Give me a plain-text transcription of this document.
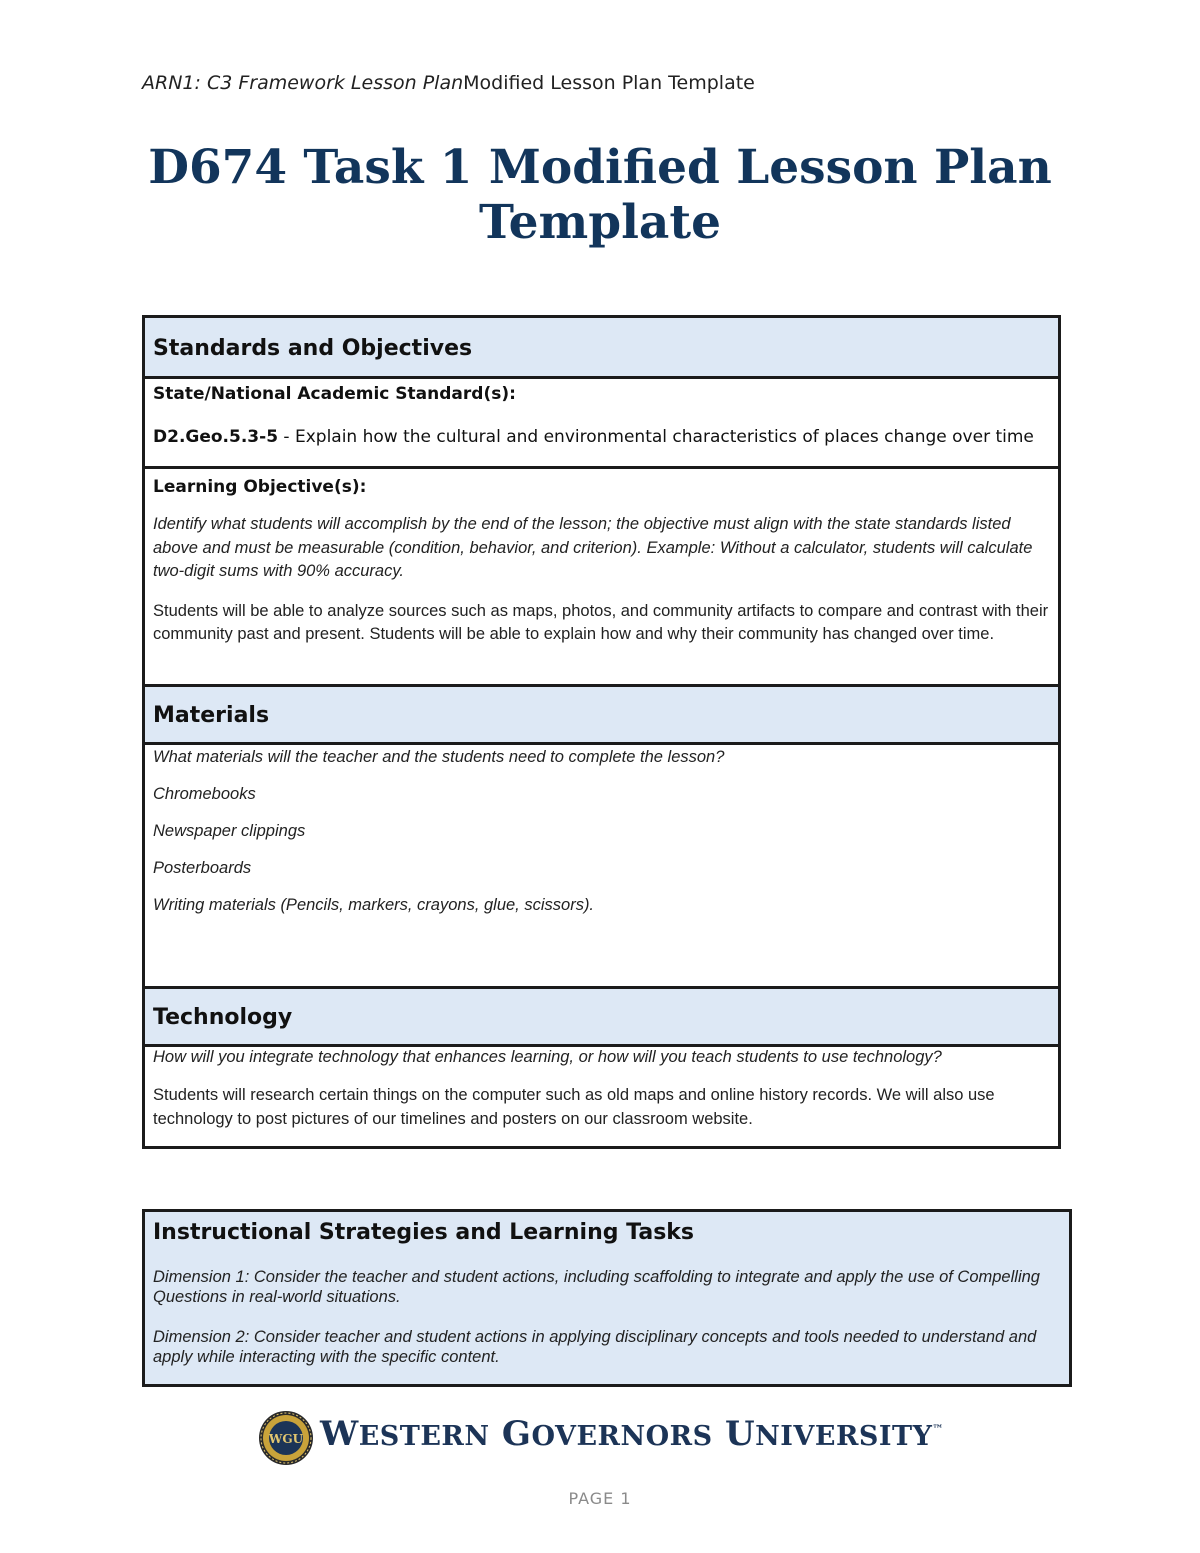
ARN1: C3 Framework Lesson PlanModified Lesson Plan Template
D674 Task 1 Modified Lesson Plan
Template
Standards and Objectives

State/National Academic Standard(s):

D2.Geo.5.3-5 - Explain how the cultural and environmental characteristics of places change over time

Learning Objective(s):

Identify what students will accomplish by the end of the lesson; the objective must align with the state standards listed above and must be measurable (condition, behavior, and criterion). Example: Without a calculator, students will calculate two-digit sums with 90% accuracy.

Students will be able to analyze sources such as maps, photos, and community artifacts to compare and contrast with their community past and present. Students will be able to explain how and why their community has changed over time.

Materials

What materials will the teacher and the students need to complete the lesson?

Chromebooks

Newspaper clippings

Posterboards

Writing materials (Pencils, markers, crayons, glue, scissors).

Technology

How will you integrate technology that enhances learning, or how will you teach students to use technology?

Students will research certain things on the computer such as old maps and online history records. We will also use technology to post pictures of our timelines and posters on our classroom website.

Instructional Strategies and Learning Tasks

Dimension 1: Consider the teacher and student actions, including scaffolding to integrate and apply the use of Compelling Questions in real-world situations.

Dimension 2: Consider teacher and student actions in applying disciplinary concepts and tools needed to understand and apply while interacting with the specific content.

WGU WESTERN GOVERNORS UNIVERSITY™
PAGE 1
